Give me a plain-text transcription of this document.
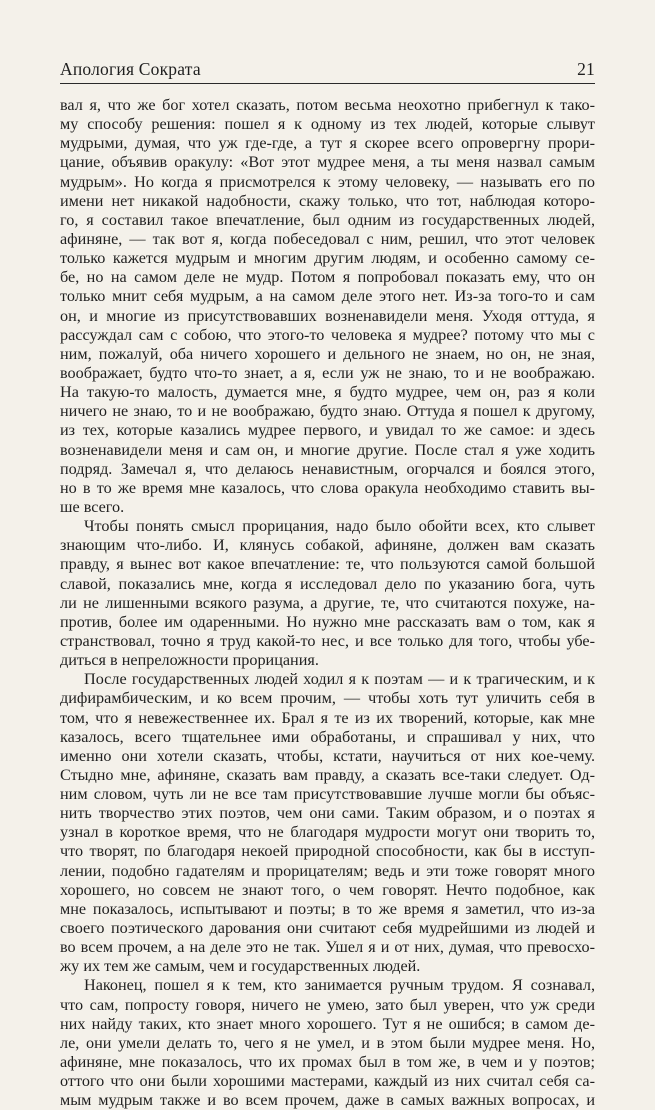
Апология Сократа	21
вал я, что же бог хотел сказать, потом весьма неохотно прибегнул к тако-
му способу решения: пошел я к одному из тех людей, которые слывут
мудрыми, думая, что уж где-где, а тут я скорее всего опровергну прори-
цание, объявив оракулу: «Вот этот мудрее меня, а ты меня назвал самым
мудрым». Но когда я присмотрелся к этому человеку, — называть его по
имени нет никакой надобности, скажу только, что тот, наблюдая которо-
го, я составил такое впечатление, был одним из государственных людей,
афиняне, — так вот я, когда побеседовал с ним, решил, что этот человек
только кажется мудрым и многим другим людям, и особенно самому се-
бе, но на самом деле не мудр. Потом я попробовал показать ему, что он
только мнит себя мудрым, а на самом деле этого нет. Из-за того-то и сам
он, и многие из присутствовавших возненавидели меня. Уходя оттуда, я
рассуждал сам с собою, что этого-то человека я мудрее? потому что мы с
ним, пожалуй, оба ничего хорошего и дельного не знаем, но он, не зная,
воображает, будто что-то знает, а я, если уж не знаю, то и не воображаю.
На такую-то малость, думается мне, я будто мудрее, чем он, раз я коли
ничего не знаю, то и не воображаю, будто знаю. Оттуда я пошел к другому,
из тех, которые казались мудрее первого, и увидал то же самое: и здесь
возненавидели меня и сам он, и многие другие. После стал я уже ходить
подряд. Замечал я, что делаюсь ненавистным, огорчался и боялся этого,
но в то же время мне казалось, что слова оракула необходимо ставить вы-
ше всего.
Чтобы понять смысл прорицания, надо было обойти всех, кто слывет
знающим что-либо. И, клянусь собакой, афиняне, должен вам сказать
правду, я вынес вот какое впечатление: те, что пользуются самой большой
славой, показались мне, когда я исследовал дело по указанию бога, чуть
ли не лишенными всякого разума, а другие, те, что считаются похуже, на-
против, более им одаренными. Но нужно мне рассказать вам о том, как я
странствовал, точно я труд какой-то нес, и все только для того, чтобы убе-
диться в непреложности прорицания.
После государственных людей ходил я к поэтам — и к трагическим, и к
дифирамбическим, и ко всем прочим, — чтобы хоть тут уличить себя в
том, что я невежественнее их. Брал я те из их творений, которые, как мне
казалось, всего тщательнее ими обработаны, и спрашивал у них, что
именно они хотели сказать, чтобы, кстати, научиться от них кое-чему.
Стыдно мне, афиняне, сказать вам правду, а сказать все-таки следует. Од-
ним словом, чуть ли не все там присутствовавшие лучше могли бы объяс-
нить творчество этих поэтов, чем они сами. Таким образом, и о поэтах я
узнал в короткое время, что не благодаря мудрости могут они творить то,
что творят, по благодаря некоей природной способности, как бы в исступ-
лении, подобно гадателям и прорицателям; ведь и эти тоже говорят много
хорошего, но совсем не знают того, о чем говорят. Нечто подобное, как
мне показалось, испытывают и поэты; в то же время я заметил, что из-за
своего поэтического дарования они считают себя мудрейшими из людей и
во всем прочем, а на деле это не так. Ушел я и от них, думая, что превосхо-
жу их тем же самым, чем и государственных людей.
Наконец, пошел я к тем, кто занимается ручным трудом. Я сознавал,
что сам, попросту говоря, ничего не умею, зато был уверен, что уж среди
них найду таких, кто знает много хорошего. Тут я не ошибся; в самом де-
ле, они умели делать то, чего я не умел, и в этом были мудрее меня. Но,
афиняне, мне показалось, что их промах был в том же, в чем и у поэтов;
оттого что они были хорошими мастерами, каждый из них считал себя са-
мым мудрым также и во всем прочем, даже в самых важных вопросах, и
